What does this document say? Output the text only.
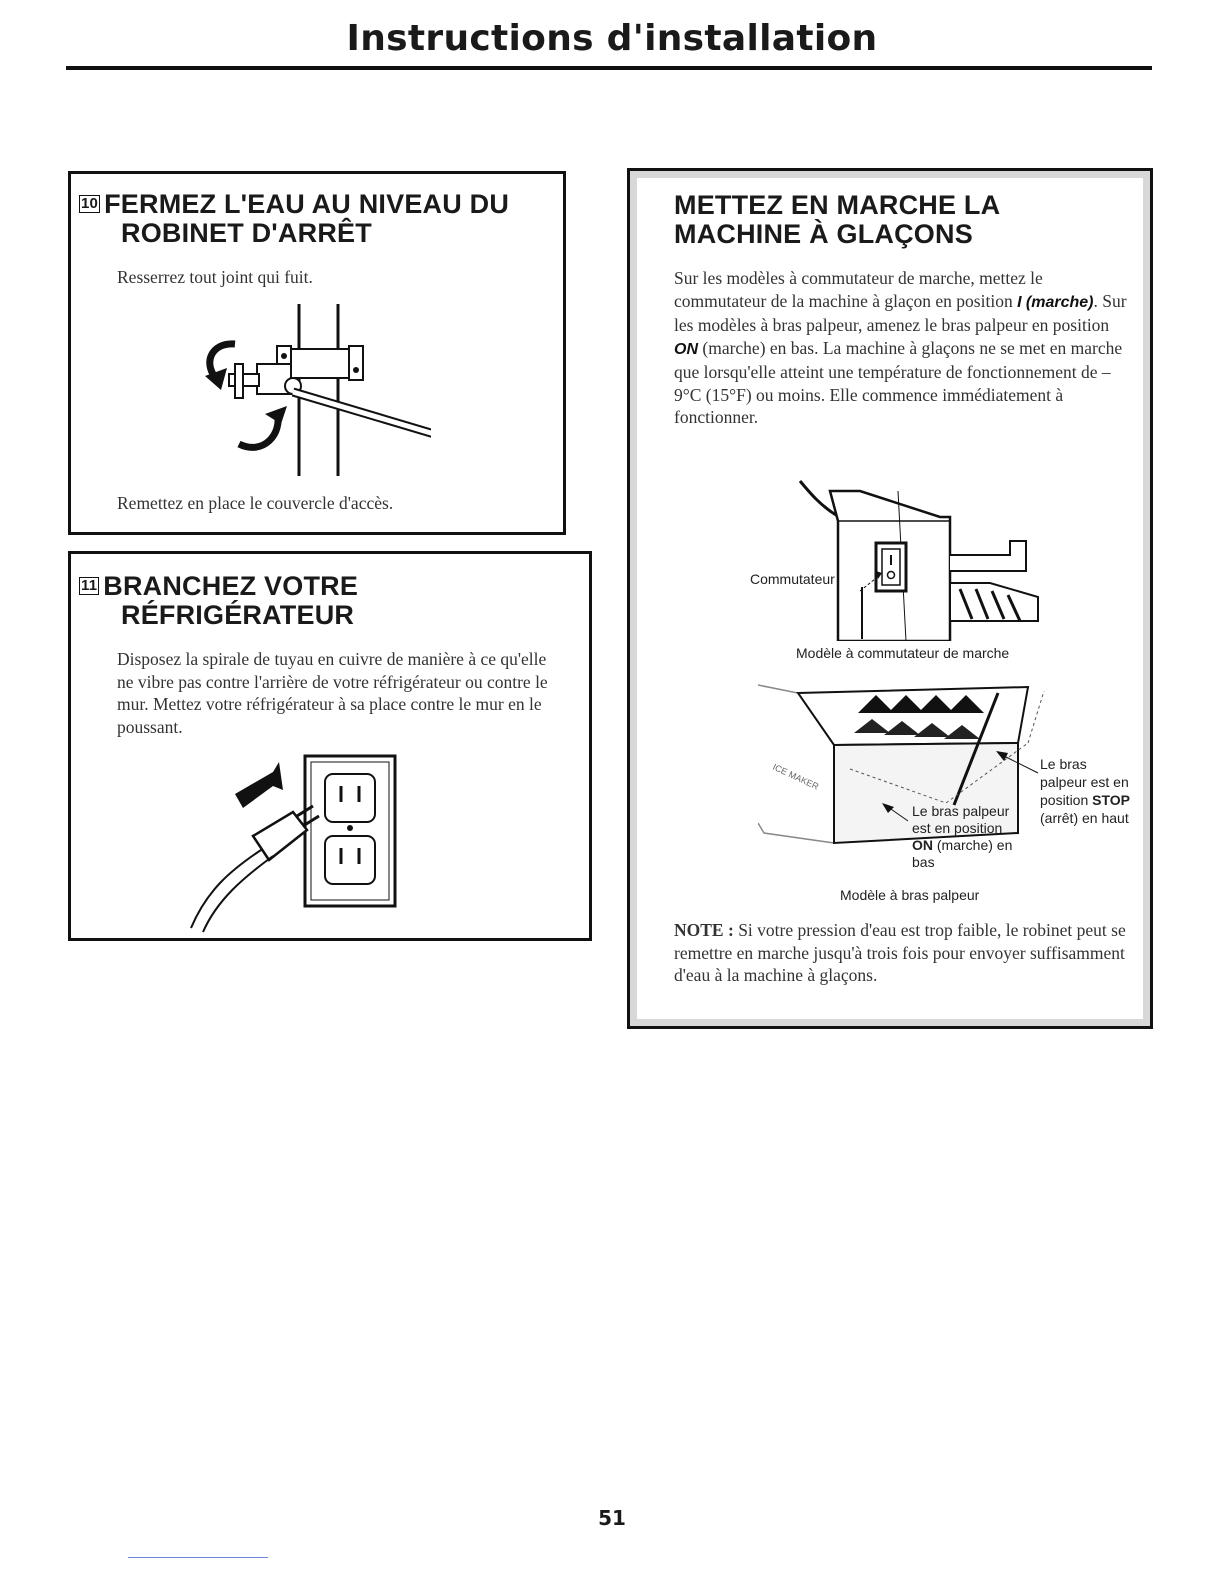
Instructions d'installation
10 FERMEZ L'EAU AU NIVEAU DU
ROBINET D'ARRÊT
Resserrez tout joint qui fuit.
Remettez en place le couvercle d'accès.
11 BRANCHEZ VOTRE
RÉFRIGÉRATEUR
Disposez la spirale de tuyau en cuivre de manière à ce qu'elle ne vibre pas contre l'arrière de votre réfrigérateur ou contre le mur. Mettez votre réfrigérateur à sa place contre le mur en le poussant.
METTEZ EN MARCHE LA
MACHINE À GLAÇONS
Sur les modèles à commutateur de marche, mettez le commutateur de la machine à glaçon en position I (marche). Sur les modèles à bras palpeur, amenez le bras palpeur en position ON (marche) en bas. La machine à glaçons ne se met en marche que lorsqu'elle atteint une température de fonctionnement de –9°C (15°F) ou moins. Elle commence immédiatement à fonctionner.
Commutateur
Modèle à commutateur de marche
ICE MAKER	Le bras
palpeur est en
position STOP
(arrêt) en haut
Le bras palpeur
est en position
ON (marche) en
bas
Modèle à bras palpeur
NOTE : Si votre pression d'eau est trop faible, le robinet peut se remettre en marche jusqu'à trois fois pour envoyer suffisamment d'eau à la machine à glaçons.
51
